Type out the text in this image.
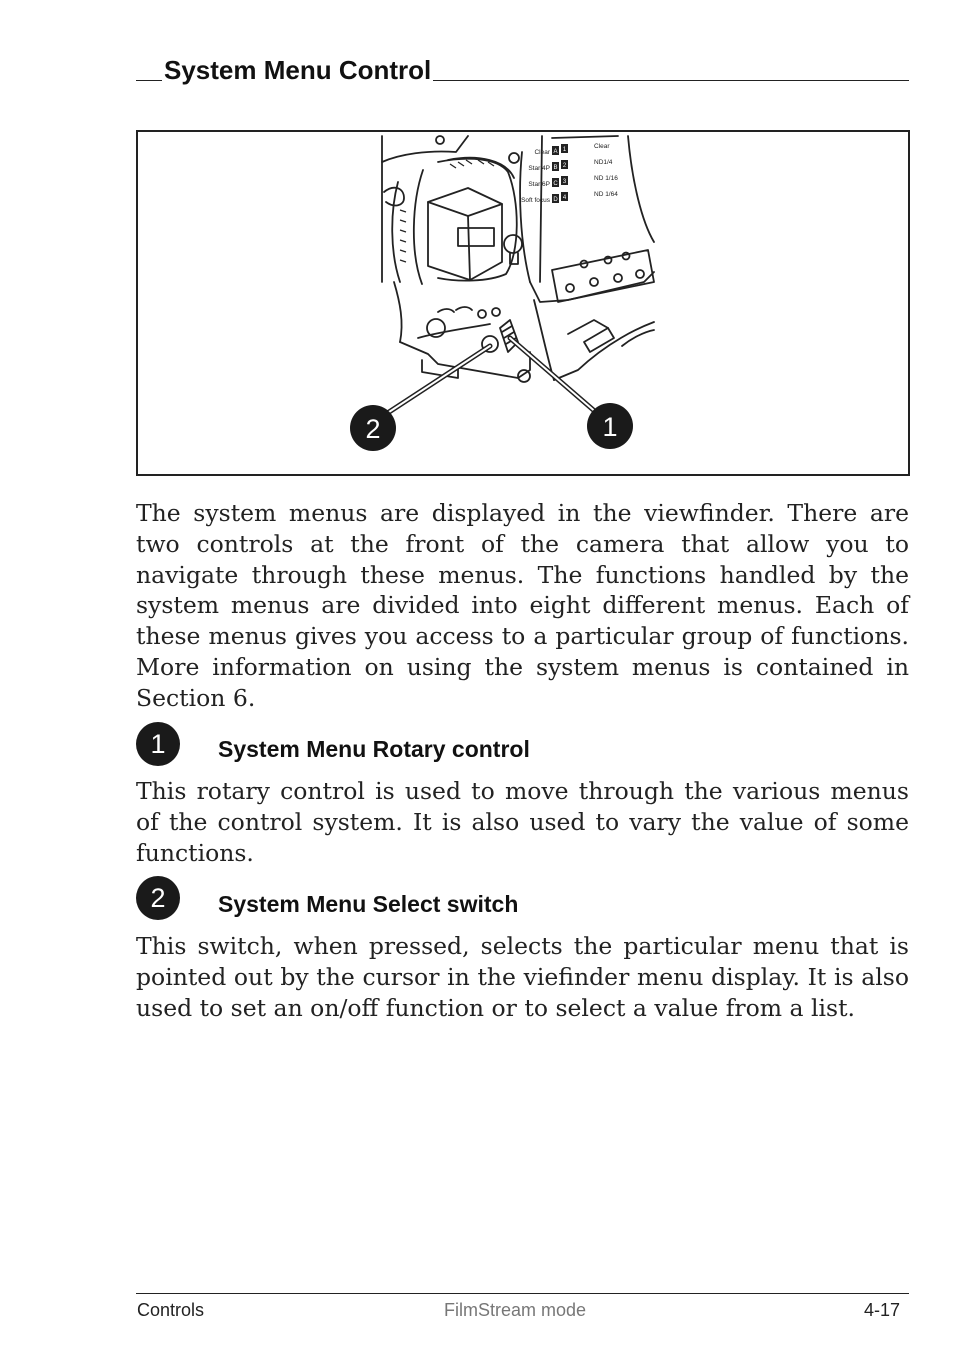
System Menu Control
Clear
Star 4P
Star 6P
Soft focus
Clear
ND1/4
ND 1/16
ND 1/64
A
B
C
D
1
2
3
4
2	1

The system menus are displayed in the viewfinder. There are two controls at the front of the camera that allow you to navigate through these menus. The functions handled by the system menus are divided into eight different menus. Each of these menus gives you access to a particular group of functions. More information on using the system menus is contained in Section 6.

1	System Menu Rotary control

This rotary control is used to move through the various menus of the control system. It is also used to vary the value of some functions.

2	System Menu Select switch

This switch, when pressed, selects the particular menu that is pointed out by the cursor in the viefinder menu display. It is also used to set an on/off function or to select a value from a list.

Controls	FilmStream mode	4-17
